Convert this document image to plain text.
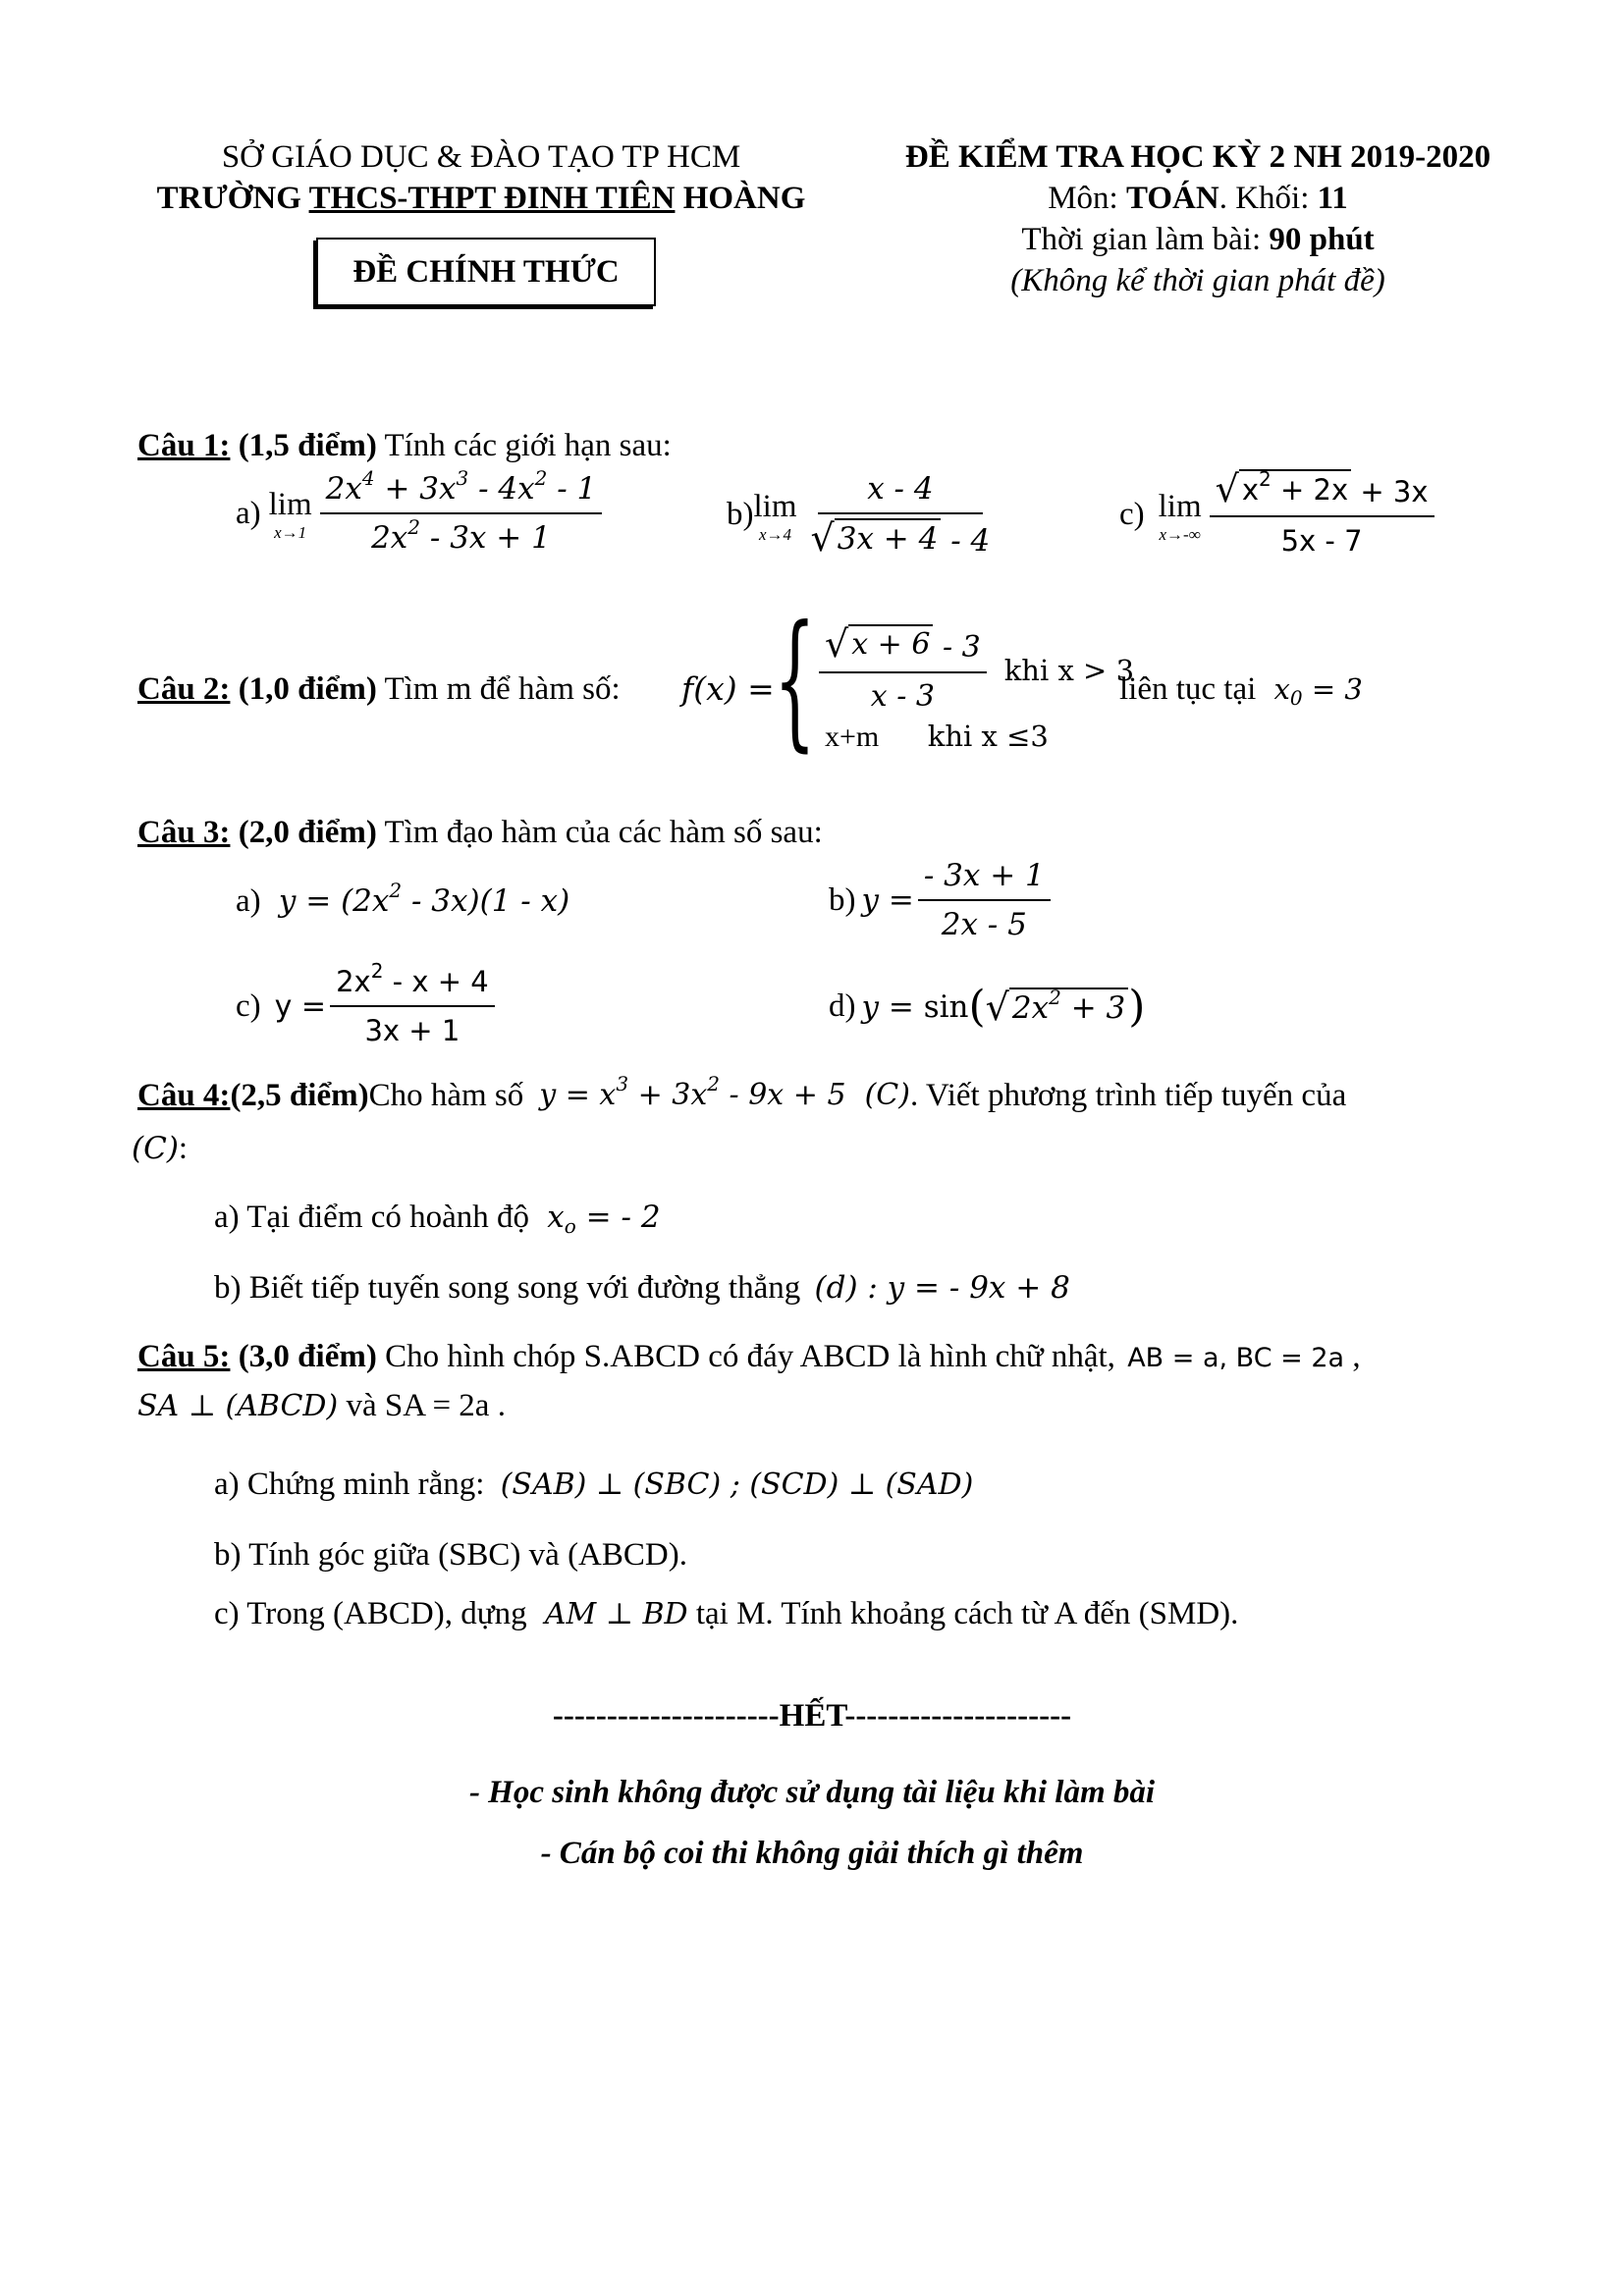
SỞ GIÁO DỤC & ĐÀO TẠO TP HCM
TRƯỜNG THCS-THPT ĐINH TIÊN HOÀNG
ĐỀ CHÍNH THỨC
ĐỀ KIỂM TRA HỌC KỲ 2 NH 2019-2020
Môn: TOÁN. Khối: 11
Thời gian làm bài: 90 phút
(Không kể thời gian phát đề)
Câu 1: (1,5 điểm) Tính các giới hạn sau:
a) lim
$x\to 1 \frac{2x^4 + 3x^3 - 4x^2 - 1}{2x^2 - 3x + 1}$	b) lim
$x\to 4 \frac{x - 4}{√ 3x + 4 - 4}$	c) lim
$x\to-\infty \frac{√ x^2 + 2x + 3x}{5x - 7}$
Câu 2: (1,0 điểm) Tìm m để hàm số: f(x) = { $\frac{√ x + 6 - 3}{x - 3}$ khi x > 3
x+m khi x ≤3
liên tục tại $x_0 = 3$
Câu 3: (2,0 điểm) Tìm đạo hàm của các hàm số sau:
a) $y = (2x^2 - 3x)(1 - x)$	b) $y = \frac{- 3x + 1}{2x - 5}$
c) $y = \frac{2x^2 - x + 4}{3x + 1}$	d) y = sin ( √ $2x^2 + 3$ )
Câu 4: (2,5 điểm) Cho hàm số $y = x^3 + 3x^2 - 9x + 5$  (C) . Viết phương trình tiếp tuyến của
(C):
a) Tại điểm có hoành độ $x_o$ = - 2
b) Biết tiếp tuyến song song với đường thẳng (d) : y = - 9x + 8
Câu 5: (3,0 điểm) Cho hình chóp S.ABCD có đáy ABCD là hình chữ nhật, AB = a, BC = 2a ,
SA ⊥ (ABCD) và SA = 2a .
a) Chứng minh rằng: (SAB) ⊥ (SBC) ; (SCD) ⊥ (SAD)
b) Tính góc giữa (SBC) và (ABCD).
c) Trong (ABCD), dựng AM ⊥ BD tại M. Tính khoảng cách từ A đến (SMD).
---------------------HẾT---------------------
- Học sinh không được sử dụng tài liệu khi làm bài
- Cán bộ coi thi không giải thích gì thêm
